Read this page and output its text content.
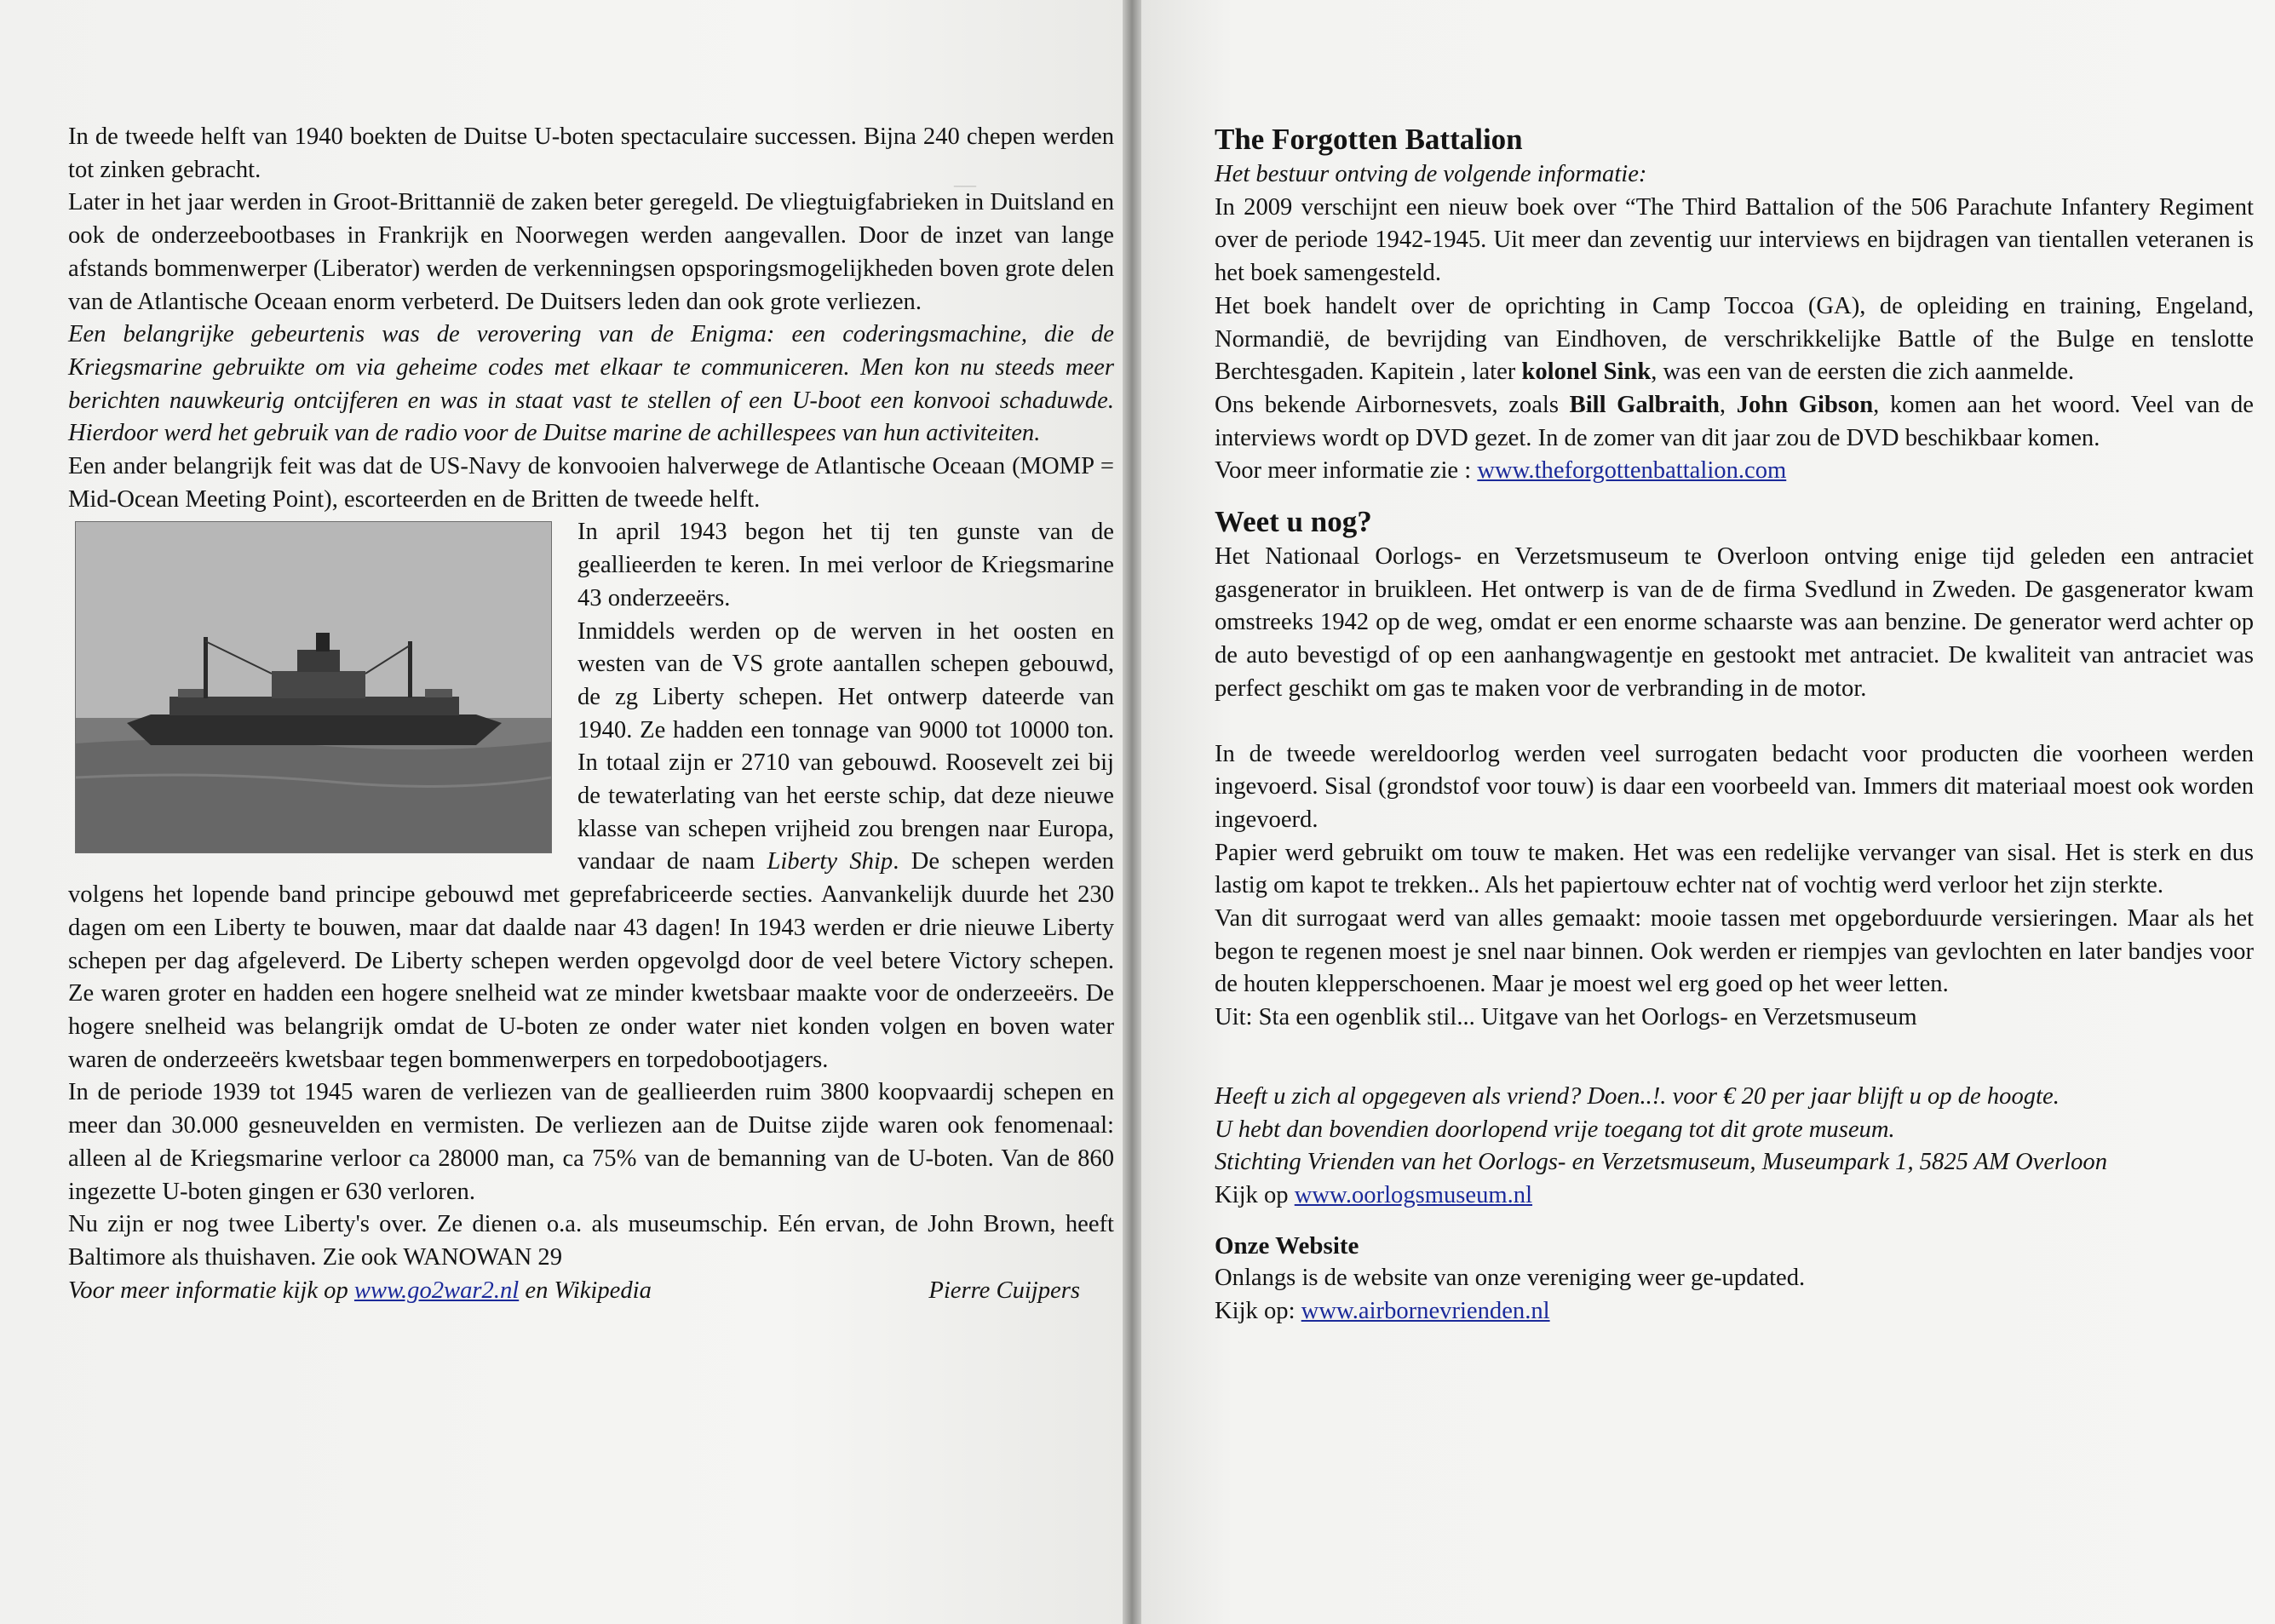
—

In de tweede helft van 1940 boekten de Duitse U-boten spectaculaire successen. Bijna 240 chepen werden tot zinken gebracht.

Later in het jaar werden in Groot-Brittannië de zaken beter geregeld. De vliegtuigfabrieken in Duitsland en ook de onderzeebootbases in Frankrijk en Noorwegen werden aangevallen. Door de inzet van lange afstands bommenwerper (Liberator) werden de verkenningsen opsporingsmogelijkheden boven grote delen van de Atlantische Oceaan enorm verbeterd. De Duitsers leden dan ook grote verliezen.

Een belangrijke gebeurtenis was de verovering van de Enigma: een coderingsmachine, die de Kriegsmarine gebruikte om via geheime codes met elkaar te communiceren. Men kon nu steeds meer berichten nauwkeurig ontcijferen en was in staat vast te stellen of een U-boot een konvooi schaduwde. Hierdoor werd het gebruik van de radio voor de Duitse marine de achillespees van hun activiteiten.

Een ander belangrijk feit was dat de US-Navy de konvooien halverwege de Atlantische Oceaan (MOMP = Mid-Ocean Meeting Point), escorteerden en de Britten de tweede helft.

In april 1943 begon het tij ten gunste van de geallieerden te keren. In mei verloor de Kriegsmarine 43 onderzeeërs.

Inmiddels werden op de werven in het oosten en westen van de VS grote aantallen schepen gebouwd, de zg Liberty schepen. Het ontwerp dateerde van 1940. Ze hadden een tonnage van 9000 tot 10000 ton. In totaal zijn er 2710 van gebouwd. Roosevelt zei bij de tewaterlating van het eerste schip, dat deze nieuwe klasse van schepen vrijheid zou brengen naar Europa, vandaar de naam Liberty Ship. De schepen werden volgens het lopende band principe gebouwd met geprefabriceerde secties. Aanvankelijk duurde het 230 dagen om een Liberty te bouwen, maar dat daalde naar 43 dagen! In 1943 werden er drie nieuwe Liberty schepen per dag afgeleverd. De Liberty schepen werden opgevolgd door de veel betere Victory schepen. Ze waren groter en hadden een hogere snelheid wat ze minder kwetsbaar maakte voor de onderzeeërs. De hogere snelheid was belangrijk omdat de U-boten ze onder water niet konden volgen en boven water waren de onderzeeërs kwetsbaar tegen bommenwerpers en torpedobootjagers.

In de periode 1939 tot 1945 waren de verliezen van de geallieerden ruim 3800 koopvaardij schepen en meer dan 30.000 gesneuvelden en vermisten. De verliezen aan de Duitse zijde waren ook fenomenaal: alleen al de Kriegsmarine verloor ca 28000 man, ca 75% van de bemanning van de U-boten. Van de 860 ingezette U-boten gingen er 630 verloren.

Nu zijn er nog twee Liberty's over. Ze dienen o.a. als museumschip. Eén ervan, de John Brown, heeft Baltimore als thuishaven. Zie ook WANOWAN 29

Voor meer informatie kijk op www.go2war2.nl en Wikipedia	Pierre Cuijpers
The Forgotten Battalion

Het bestuur ontving de volgende informatie:

In 2009 verschijnt een nieuw boek over “The Third Battalion of the 506 Parachute Infantery Regiment over de periode 1942-1945. Uit meer dan zeventig uur interviews en bijdragen van tientallen veteranen is het boek samengesteld.

Het boek handelt over de oprichting in Camp Toccoa (GA), de opleiding en training, Engeland, Normandië, de bevrijding van Eindhoven, de verschrikkelijke Battle of the Bulge en tenslotte Berchtesgaden. Kapitein , later kolonel Sink, was een van de eersten die zich aanmelde.

Ons bekende Airbornesvets, zoals Bill Galbraith, John Gibson, komen aan het woord. Veel van de interviews wordt op DVD gezet. In de zomer van dit jaar zou de DVD beschikbaar komen.

Voor meer informatie zie : www.theforgottenbattalion.com

Weet u nog?

Het Nationaal Oorlogs- en Verzetsmuseum te Overloon ontving enige tijd geleden een antraciet gasgenerator in bruikleen. Het ontwerp is van de de firma Svedlund in Zweden. De gasgenerator kwam omstreeks 1942 op de weg, omdat er een enorme schaarste was aan benzine. De generator werd achter op de auto bevestigd of op een aanhangwagentje en gestookt met antraciet. De kwaliteit van antraciet was perfect geschikt om gas te maken voor de verbranding in de motor.

In de tweede wereldoorlog werden veel surrogaten bedacht voor producten die voorheen werden ingevoerd. Sisal (grondstof voor touw) is daar een voorbeeld van. Immers dit materiaal moest ook worden ingevoerd.

Papier werd gebruikt om touw te maken. Het was een redelijke vervanger van sisal. Het is sterk en dus lastig om kapot te trekken.. Als het papiertouw echter nat of vochtig werd verloor het zijn sterkte.

Van dit surrogaat werd van alles gemaakt: mooie tassen met opgeborduurde versieringen. Maar als het begon te regenen moest je snel naar binnen. Ook werden er riempjes van gevlochten en later bandjes voor de houten klepperschoenen. Maar je moest wel erg goed op het weer letten.

Uit: Sta een ogenblik stil... Uitgave van het Oorlogs- en Verzetsmuseum

Heeft u zich al opgegeven als vriend? Doen..!. voor € 20 per jaar blijft u op de hoogte.

U hebt dan bovendien doorlopend vrije toegang tot dit grote museum.

Stichting Vrienden van het Oorlogs- en Verzetsmuseum, Museumpark 1, 5825 AM Overloon

Kijk op www.oorlogsmuseum.nl

Onze Website

Onlangs is de website van onze vereniging weer ge-updated.

Kijk op: www.airbornevrienden.nl
